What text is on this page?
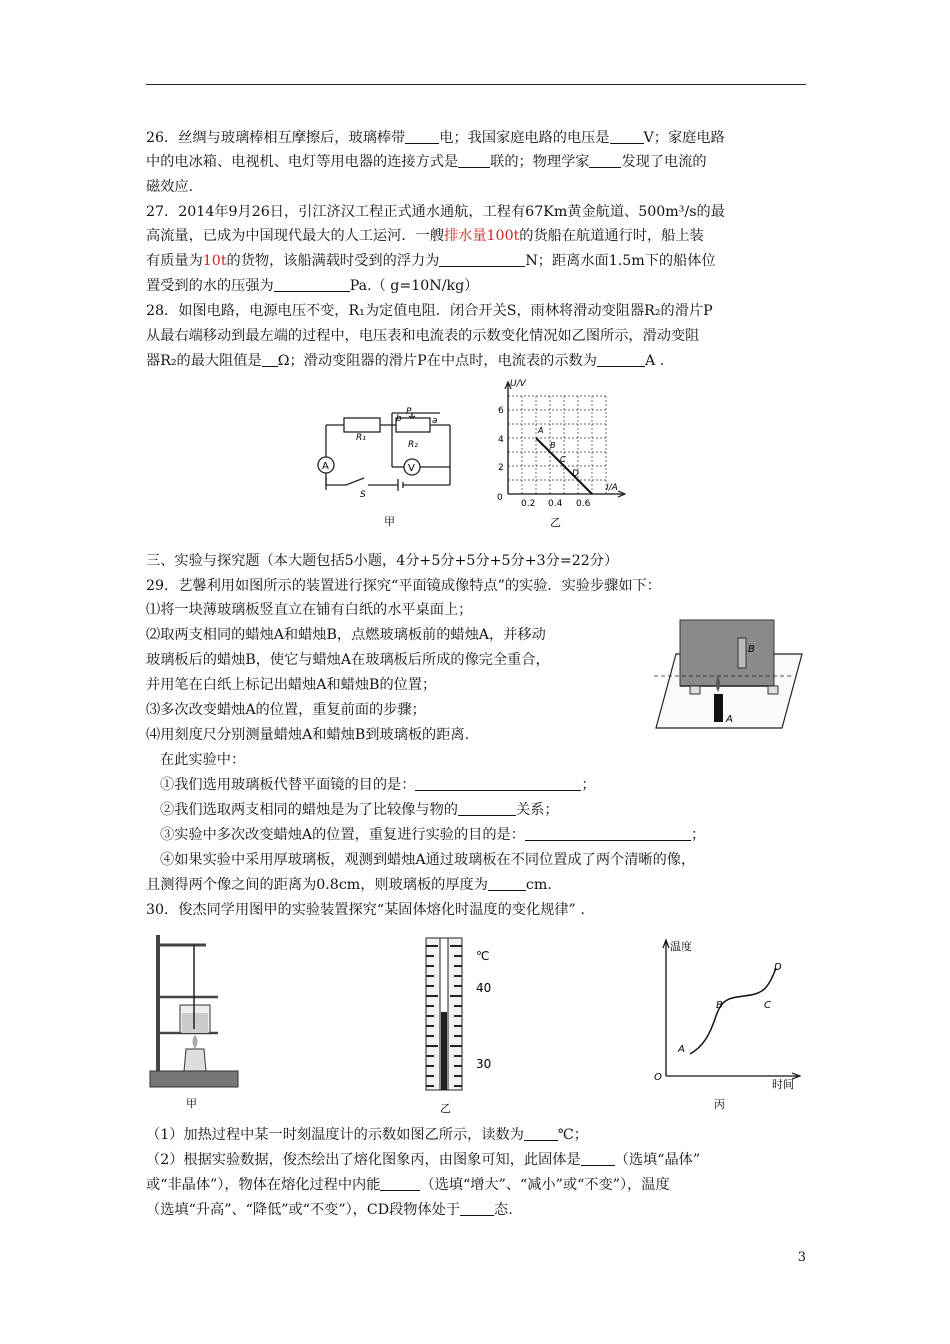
26．丝绸与玻璃棒相互摩擦后，玻璃棒带 电；我国家庭电路的电压是 V；家庭电路
中的电冰箱、电视机、电灯等用电器的连接方式是 联的；物理学家 发现了电流的
磁效应.
27．2014年9月26日，引江济汉工程正式通水通航，工程有67Km黄金航道、500m³/s的最
高流量，已成为中国现代最大的人工运河．一艘排水量100t的货船在航道通行时，船上装
有质量为10t的货物，该船满载时受到的浮力为	N；距离水面1.5m下的船体位
置受到的水的压强为	Pa.（ g=10N/kg）
28．如图电路，电源电压不变，R₁为定值电阻．闭合开关S，雨林将滑动变阻器R₂的滑片P
从最右端移动到最左端的过程中，电压表和电流表的示数变化情况如乙图所示，滑动变阻
器R₂的最大阻值是 Ω；滑动变阻器的滑片P在中点时，电流表的示数为	A .
R₁
R₂
b
P
a
A	V
S
甲
U/V
I/A
0
2
4
6
0.2 0.4 0.6
A
B
C
D
乙
三、实验与探究题（本大题包括5小题，4分+5分+5分+5分+3分=22分）
29．艺馨利用如图所示的装置进行探究“平面镜成像特点”的实验．实验步骤如下：
⑴将一块薄玻璃板竖直立在铺有白纸的水平桌面上；
⑵取两支相同的蜡烛A和蜡烛B，点燃玻璃板前的蜡烛A，并移动
玻璃板后的蜡烛B，使它与蜡烛A在玻璃板后所成的像完全重合，
并用笔在白纸上标记出蜡烛A和蜡烛B的位置；
⑶多次改变蜡烛A的位置，重复前面的步骤；
⑷用刻度尺分别测量蜡烛A和蜡烛B到玻璃板的距离.
在此实验中：
①我们选用玻璃板代替平面镜的目的是：	；
②我们选取两支相同的蜡烛是为了比较像与物的	关系；
③实验中多次改变蜡烛A的位置，重复进行实验的目的是：	；
④如果实验中采用厚玻璃板，观测到蜡烛A通过玻璃板在不同位置成了两个清晰的像，
且测得两个像之间的距离为0.8cm，则玻璃板的厚度为	cm.
B
A
30．俊杰同学用图甲的实验装置探究“某固体熔化时温度的变化规律” .
甲
℃
40
30
乙
温度
时间
O
A
B	C
D
丙
（1）加热过程中某一时刻温度计的示数如图乙所示，读数为 ℃；
（2）根据实验数据，俊杰绘出了熔化图象丙，由图象可知，此固体是 （选填“晶体”
或“非晶体”），物体在熔化过程中内能	（选填“增大”、“减小”或“不变”），温度
（选填“升高”、“降低”或“不变”），CD段物体处于 态.
3
